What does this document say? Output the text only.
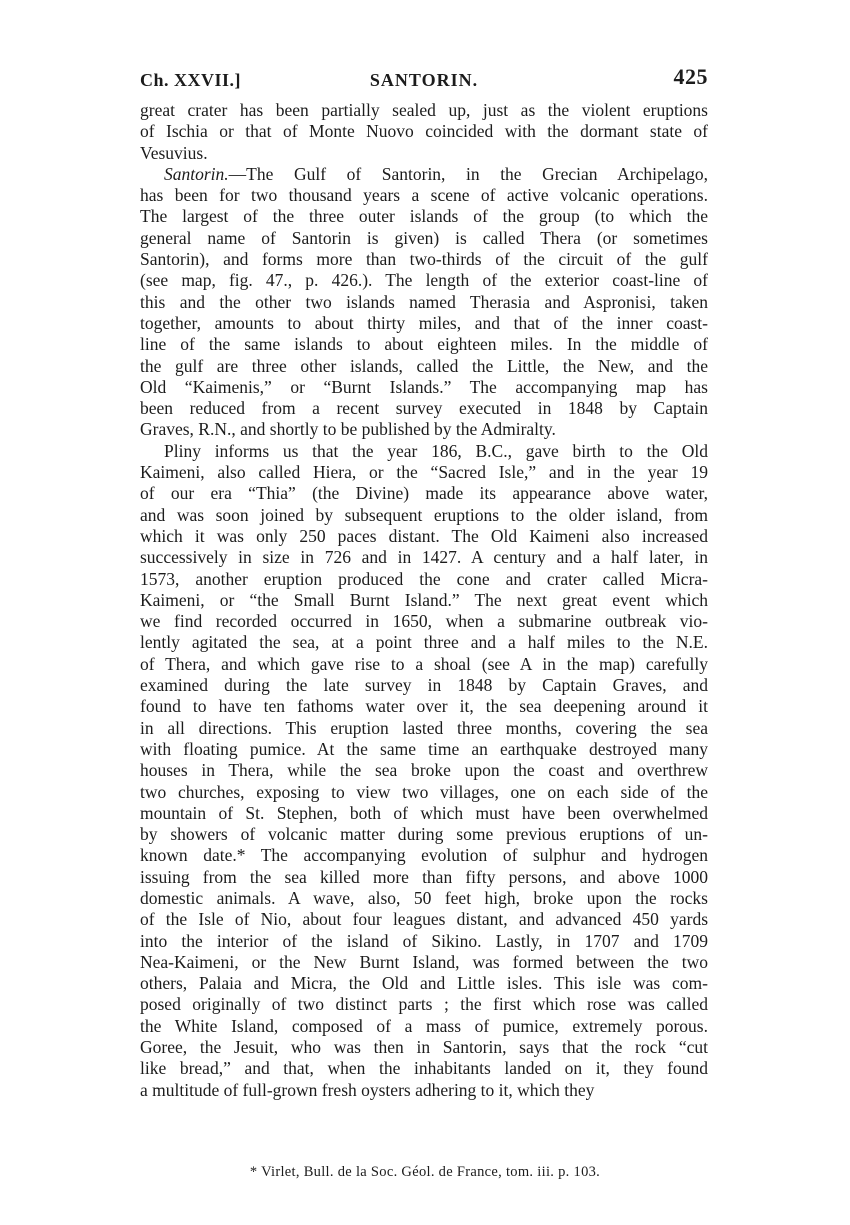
Ch. XXVII.]	SANTORIN.	425
great crater has been partially sealed up, just as the violent eruptions
of Ischia or that of Monte Nuovo coincided with the dormant state of
Vesuvius.
Santorin.—The Gulf of Santorin, in the Grecian Archipelago,
has been for two thousand years a scene of active volcanic operations.
The largest of the three outer islands of the group (to which the
general name of Santorin is given) is called Thera (or sometimes
Santorin), and forms more than two-thirds of the circuit of the gulf
(see map, fig. 47., p. 426.). The length of the exterior coast-line of
this and the other two islands named Therasia and Aspronisi, taken
together, amounts to about thirty miles, and that of the inner coast-
line of the same islands to about eighteen miles. In the middle of
the gulf are three other islands, called the Little, the New, and the
Old “Kaimenis,” or “Burnt Islands.” The accompanying map has
been reduced from a recent survey executed in 1848 by Captain
Graves, R.N., and shortly to be published by the Admiralty.
Pliny informs us that the year 186, B.C., gave birth to the Old
Kaimeni, also called Hiera, or the “Sacred Isle,” and in the year 19
of our era “Thia” (the Divine) made its appearance above water,
and was soon joined by subsequent eruptions to the older island, from
which it was only 250 paces distant. The Old Kaimeni also increased
successively in size in 726 and in 1427. A century and a half later, in
1573, another eruption produced the cone and crater called Micra-
Kaimeni, or “the Small Burnt Island.” The next great event which
we find recorded occurred in 1650, when a submarine outbreak vio-
lently agitated the sea, at a point three and a half miles to the N.E.
of Thera, and which gave rise to a shoal (see A in the map) carefully
examined during the late survey in 1848 by Captain Graves, and
found to have ten fathoms water over it, the sea deepening around it
in all directions. This eruption lasted three months, covering the sea
with floating pumice. At the same time an earthquake destroyed many
houses in Thera, while the sea broke upon the coast and overthrew
two churches, exposing to view two villages, one on each side of the
mountain of St. Stephen, both of which must have been overwhelmed
by showers of volcanic matter during some previous eruptions of un-
known date.* The accompanying evolution of sulphur and hydrogen
issuing from the sea killed more than fifty persons, and above 1000
domestic animals. A wave, also, 50 feet high, broke upon the rocks
of the Isle of Nio, about four leagues distant, and advanced 450 yards
into the interior of the island of Sikino. Lastly, in 1707 and 1709
Nea-Kaimeni, or the New Burnt Island, was formed between the two
others, Palaia and Micra, the Old and Little isles. This isle was com-
posed originally of two distinct parts ; the first which rose was called
the White Island, composed of a mass of pumice, extremely porous.
Goree, the Jesuit, who was then in Santorin, says that the rock “cut
like bread,” and that, when the inhabitants landed on it, they found
a multitude of full-grown fresh oysters adhering to it, which they
* Virlet, Bull. de la Soc. Géol. de France, tom. iii. p. 103.
